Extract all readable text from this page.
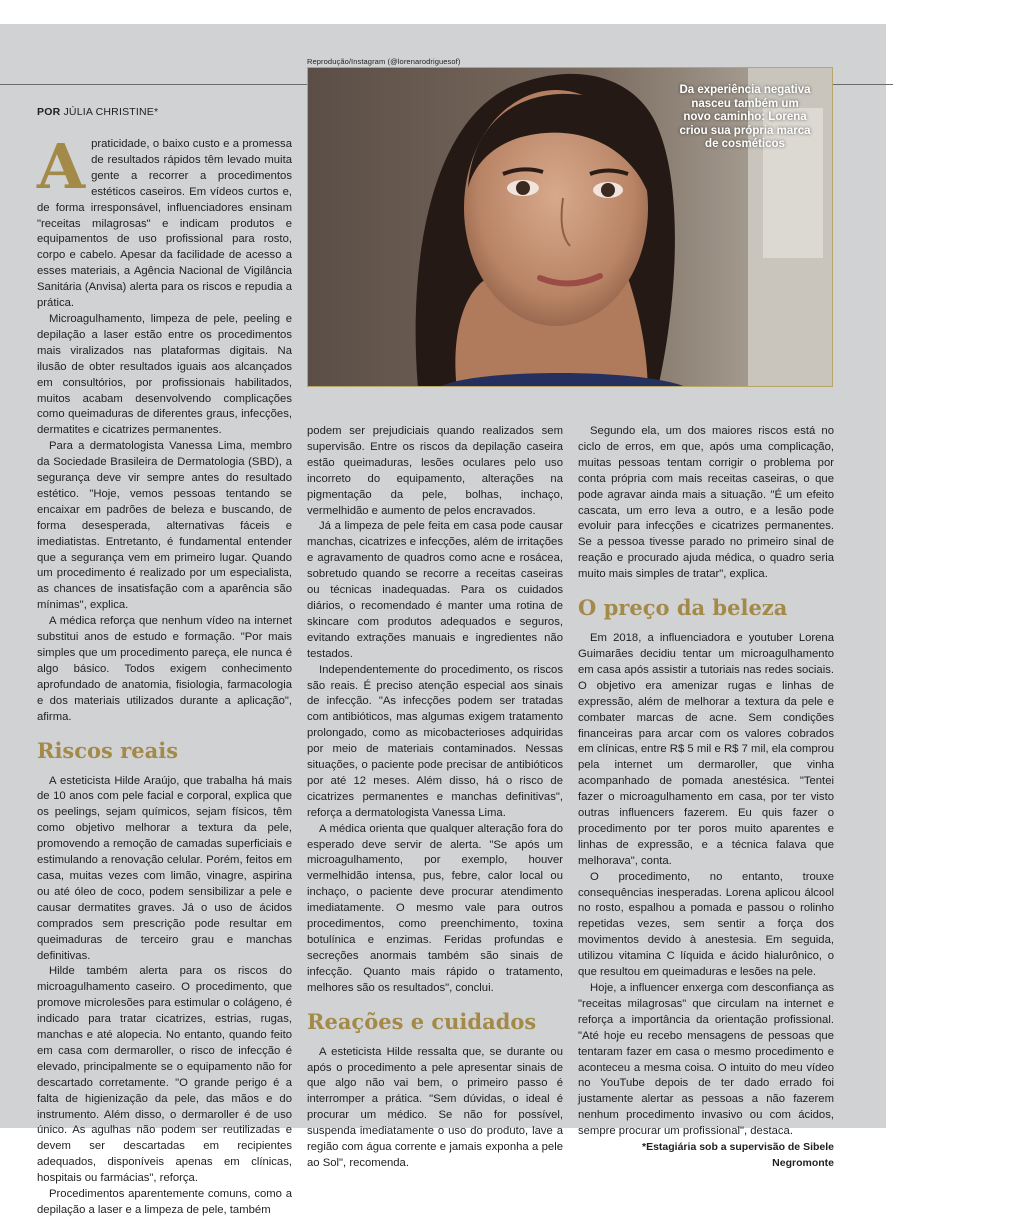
POR JÚLIA CHRISTINE*
Reprodução/Instagram (@lorenarodriguesof)
Da experiência negativa nasceu também um novo caminho: Lorena criou sua própria marca de cosméticos

Apraticidade, o baixo custo e a promessa de resultados rápidos têm levado muita gente a recorrer a procedimentos estéticos caseiros. Em vídeos curtos e, de forma irresponsável, influenciadores ensinam "receitas milagrosas" e indicam produtos e equipamentos de uso profissional para rosto, corpo e cabelo. Apesar da facilidade de acesso a esses materiais, a Agência Nacional de Vigilância Sanitária (Anvisa) alerta para os riscos e repudia a prática.

Microagulhamento, limpeza de pele, peeling e depilação a laser estão entre os procedimentos mais viralizados nas plataformas digitais. Na ilusão de obter resultados iguais aos alcançados em consultórios, por profissionais habilitados, muitos acabam desenvolvendo complicações como queimaduras de diferentes graus, infecções, dermatites e cicatrizes permanentes.

Para a dermatologista Vanessa Lima, membro da Sociedade Brasileira de Dermatologia (SBD), a segurança deve vir sempre antes do resultado estético. "Hoje, vemos pessoas tentando se encaixar em padrões de beleza e buscando, de forma desesperada, alternativas fáceis e imediatistas. Entretanto, é fundamental entender que a segurança vem em primeiro lugar. Quando um procedimento é realizado por um especialista, as chances de insatisfação com a aparência são mínimas", explica.

A médica reforça que nenhum vídeo na internet substitui anos de estudo e formação. "Por mais simples que um procedimento pareça, ele nunca é algo básico. Todos exigem conhecimento aprofundado de anatomia, fisiologia, farmacologia e dos materiais utilizados durante a aplicação", afirma.

Riscos reais

A esteticista Hilde Araújo, que trabalha há mais de 10 anos com pele facial e corporal, explica que os peelings, sejam químicos, sejam físicos, têm como objetivo melhorar a textura da pele, promovendo a remoção de camadas superficiais e estimulando a renovação celular. Porém, feitos em casa, muitas vezes com limão, vinagre, aspirina ou até óleo de coco, podem sensibilizar a pele e causar dermatites graves. Já o uso de ácidos comprados sem prescrição pode resultar em queimaduras de terceiro grau e manchas definitivas.

Hilde também alerta para os riscos do microagulhamento caseiro. O procedimento, que promove microlesões para estimular o colágeno, é indicado para tratar cicatrizes, estrias, rugas, manchas e até alopecia. No entanto, quando feito em casa com dermaroller, o risco de infecção é elevado, principalmente se o equipamento não for descartado corretamente. "O grande perigo é a falta de higienização da pele, das mãos e do instrumento. Além disso, o dermaroller é de uso único. As agulhas não podem ser reutilizadas e devem ser descartadas em recipientes adequados, disponíveis apenas em clínicas, hospitais ou farmácias", reforça.

Procedimentos aparentemente comuns, como a depilação a laser e a limpeza de pele, também

podem ser prejudiciais quando realizados sem supervisão. Entre os riscos da depilação caseira estão queimaduras, lesões oculares pelo uso incorreto do equipamento, alterações na pigmentação da pele, bolhas, inchaço, vermelhidão e aumento de pelos encravados.

Já a limpeza de pele feita em casa pode causar manchas, cicatrizes e infecções, além de irritações e agravamento de quadros como acne e rosácea, sobretudo quando se recorre a receitas caseiras ou técnicas inadequadas. Para os cuidados diários, o recomendado é manter uma rotina de skincare com produtos adequados e seguros, evitando extrações manuais e ingredientes não testados.

Independentemente do procedimento, os riscos são reais. É preciso atenção especial aos sinais de infecção. "As infecções podem ser tratadas com antibióticos, mas algumas exigem tratamento prolongado, como as micobacterioses adquiridas por meio de materiais contaminados. Nessas situações, o paciente pode precisar de antibióticos por até 12 meses. Além disso, há o risco de cicatrizes permanentes e manchas definitivas", reforça a dermatologista Vanessa Lima.

A médica orienta que qualquer alteração fora do esperado deve servir de alerta. "Se após um microagulhamento, por exemplo, houver vermelhidão intensa, pus, febre, calor local ou inchaço, o paciente deve procurar atendimento imediatamente. O mesmo vale para outros procedimentos, como preenchimento, toxina botulínica e enzimas. Feridas profundas e secreções anormais também são sinais de infecção. Quanto mais rápido o tratamento, melhores são os resultados", conclui.

Reações e cuidados

A esteticista Hilde ressalta que, se durante ou após o procedimento a pele apresentar sinais de que algo não vai bem, o primeiro passo é interromper a prática. "Sem dúvidas, o ideal é procurar um médico. Se não for possível, suspenda imediatamente o uso do produto, lave a região com água corrente e jamais exponha a pele ao Sol", recomenda.

Segundo ela, um dos maiores riscos está no ciclo de erros, em que, após uma complicação, muitas pessoas tentam corrigir o problema por conta própria com mais receitas caseiras, o que pode agravar ainda mais a situação. "É um efeito cascata, um erro leva a outro, e a lesão pode evoluir para infecções e cicatrizes permanentes. Se a pessoa tivesse parado no primeiro sinal de reação e procurado ajuda médica, o quadro seria muito mais simples de tratar", explica.

O preço da beleza

Em 2018, a influenciadora e youtuber Lorena Guimarães decidiu tentar um microagulhamento em casa após assistir a tutoriais nas redes sociais. O objetivo era amenizar rugas e linhas de expressão, além de melhorar a textura da pele e combater marcas de acne. Sem condições financeiras para arcar com os valores cobrados em clínicas, entre R$ 5 mil e R$ 7 mil, ela comprou pela internet um dermaroller, que vinha acompanhado de pomada anestésica. "Tentei fazer o microagulhamento em casa, por ter visto outras influencers fazerem. Eu quis fazer o procedimento por ter poros muito aparentes e linhas de expressão, e a técnica falava que melhorava", conta.

O procedimento, no entanto, trouxe consequências inesperadas. Lorena aplicou álcool no rosto, espalhou a pomada e passou o rolinho repetidas vezes, sem sentir a força dos movimentos devido à anestesia. Em seguida, utilizou vitamina C líquida e ácido hialurônico, o que resultou em queimaduras e lesões na pele.

Hoje, a influencer enxerga com desconfiança as "receitas milagrosas" que circulam na internet e reforça a importância da orientação profissional. "Até hoje eu recebo mensagens de pessoas que tentaram fazer em casa o mesmo procedimento e aconteceu a mesma coisa. O intuito do meu vídeo no YouTube depois de ter dado errado foi justamente alertar as pessoas a não fazerem nenhum procedimento invasivo ou com ácidos, sempre procurar um profissional", destaca.

*Estagiária sob a supervisão de Sibele Negromonte
